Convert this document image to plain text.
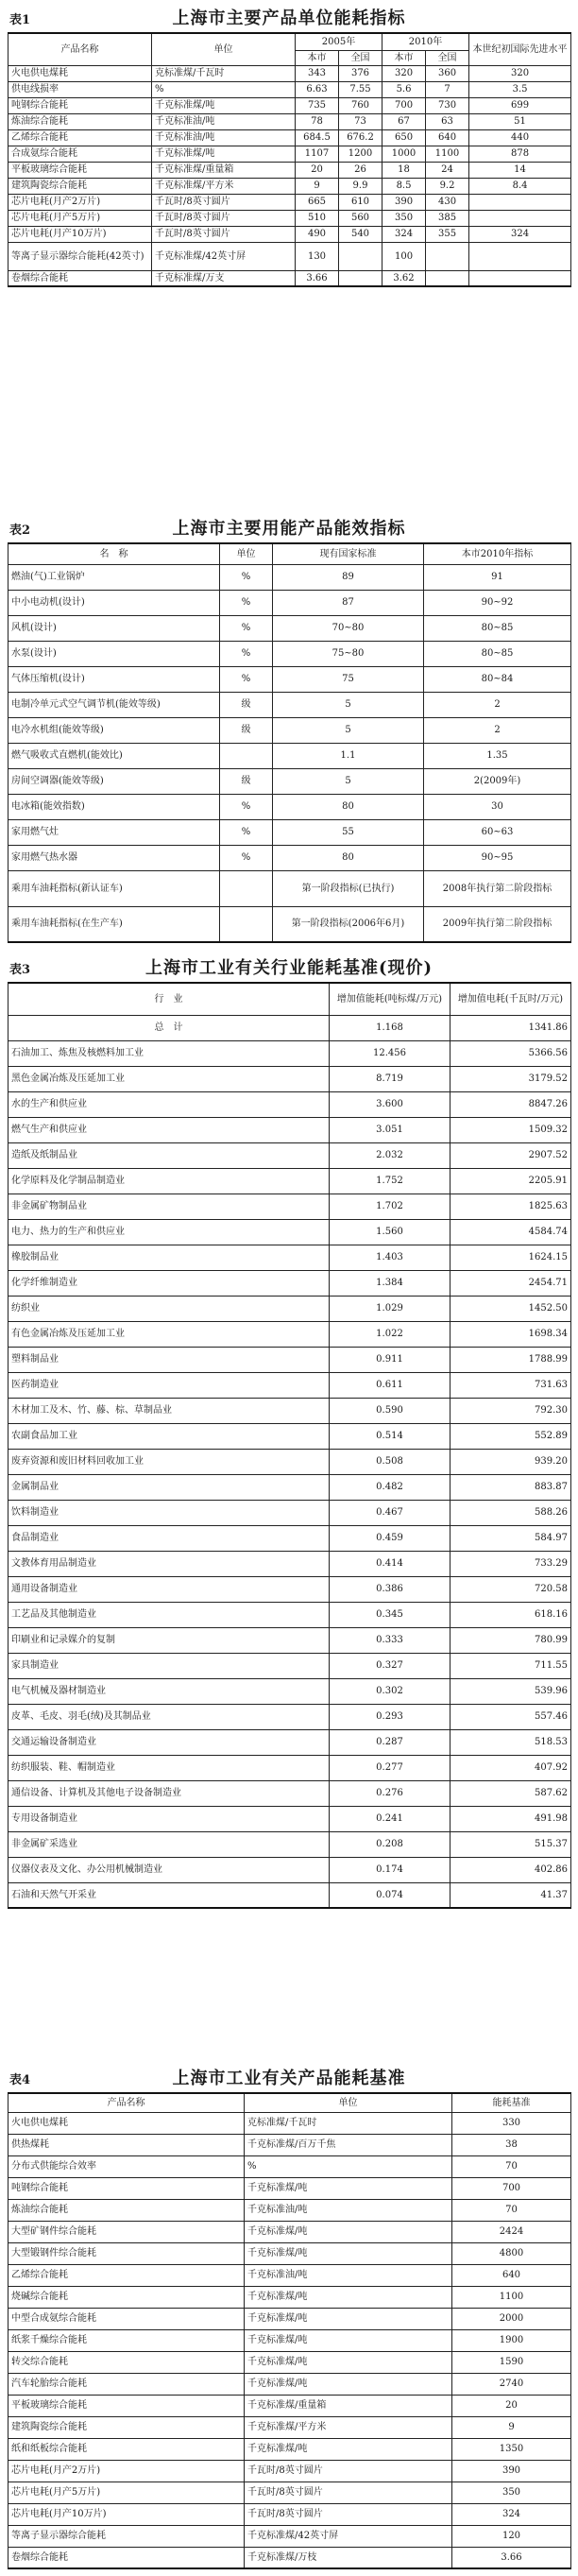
表1	上海市主要产品单位能耗指标
产品名称	单位	2005年		2010年		本世纪初国际先进水平
		本市	全国	本市	全国	
火电供电煤耗	克标准煤/千瓦时	343	376	320	360	320
供电线损率	%	6.63	7.55	5.6	7	3.5
吨钢综合能耗	千克标准煤/吨	735	760	700	730	699
炼油综合能耗	千克标准油/吨	78	73	67	63	51
乙烯综合能耗	千克标准油/吨	684.5	676.2	650	640	440
合成氨综合能耗	千克标准煤/吨	1107	1200	1000	1100	878
平板玻璃综合能耗	千克标准煤/重量箱	20	26	18	24	14
建筑陶瓷综合能耗	千克标准煤/平方米	9	9.9	8.5	9.2	8.4
芯片电耗(月产2万片)	千瓦时/8英寸圆片	665	610	390	430	
芯片电耗(月产5万片)	千瓦时/8英寸圆片	510	560	350	385	
芯片电耗(月产10万片)	千瓦时/8英寸圆片	490	540	324	355	324
等离子显示器综合能耗(42英寸)	千克标准煤/42英寸屏	130		100		
卷烟综合能耗	千克标准煤/万支	3.66		3.62		
表2	上海市主要用能产品能效指标
名　称	单位	现有国家标准	本市2010年指标
燃油(气)工业锅炉	%	89	91
中小电动机(设计)	%	87	90~92
风机(设计)	%	70~80	80~85
水泵(设计)	%	75~80	80~85
气体压缩机(设计)	%	75	80~84
电制冷单元式空气调节机(能效等级)	级	5	2
电冷水机组(能效等级)	级	5	2
燃气吸收式直燃机(能效比)		1.1	1.35
房间空调器(能效等级)	级	5	2(2009年)
电冰箱(能效指数)	%	80	30
家用燃气灶	%	55	60~63
家用燃气热水器	%	80	90~95
乘用车油耗指标(新认证车)		第一阶段指标(已执行)	2008年执行第二阶段指标
乘用车油耗指标(在生产车)		第一阶段指标(2006年6月)	2009年执行第二阶段指标
表3	上海市工业有关行业能耗基准(现价)
行　业	增加值能耗(吨标煤/万元)	增加值电耗(千瓦时/万元)
总　计	1.168	1341.86
石油加工、炼焦及核燃料加工业	12.456	5366.56
黑色金属冶炼及压延加工业	8.719	3179.52
水的生产和供应业	3.600	8847.26
燃气生产和供应业	3.051	1509.32
造纸及纸制品业	2.032	2907.52
化学原料及化学制品制造业	1.752	2205.91
非金属矿物制品业	1.702	1825.63
电力、热力的生产和供应业	1.560	4584.74
橡胶制品业	1.403	1624.15
化学纤维制造业	1.384	2454.71
纺织业	1.029	1452.50
有色金属冶炼及压延加工业	1.022	1698.34
塑料制品业	0.911	1788.99
医药制造业	0.611	731.63
木材加工及木、竹、藤、棕、草制品业	0.590	792.30
农副食品加工业	0.514	552.89
废弃资源和废旧材料回收加工业	0.508	939.20
金属制品业	0.482	883.87
饮料制造业	0.467	588.26
食品制造业	0.459	584.97
文教体育用品制造业	0.414	733.29
通用设备制造业	0.386	720.58
工艺品及其他制造业	0.345	618.16
印刷业和记录媒介的复制	0.333	780.99
家具制造业	0.327	711.55
电气机械及器材制造业	0.302	539.96
皮革、毛皮、羽毛(绒)及其制品业	0.293	557.46
交通运输设备制造业	0.287	518.53
纺织服装、鞋、帽制造业	0.277	407.92
通信设备、计算机及其他电子设备制造业	0.276	587.62
专用设备制造业	0.241	491.98
非金属矿采选业	0.208	515.37
仪器仪表及文化、办公用机械制造业	0.174	402.86
石油和天然气开采业	0.074	41.37
表4	上海市工业有关产品能耗基准
产品名称	单位	能耗基准
火电供电煤耗	克标准煤/千瓦时	330
供热煤耗	千克标准煤/百万千焦	38
分布式供能综合效率	%	70
吨钢综合能耗	千克标准煤/吨	700
炼油综合能耗	千克标准油/吨	70
大型矿钢件综合能耗	千克标准煤/吨	2424
大型锻钢件综合能耗	千克标准煤/吨	4800
乙烯综合能耗	千克标准油/吨	640
烧碱综合能耗	千克标准煤/吨	1100
中型合成氨综合能耗	千克标准煤/吨	2000
纸浆千燥综合能耗	千克标准煤/吨	1900
转交综合能耗	千克标准煤/吨	1590
汽车轮胎综合能耗	千克标准煤/吨	2740
平板玻璃综合能耗	千克标准煤/重量箱	20
建筑陶瓷综合能耗	千克标准煤/平方米	9
纸和纸板综合能耗	千克标准煤/吨	1350
芯片电耗(月产2万片)	千瓦时/8英寸圆片	390
芯片电耗(月产5万片)	千瓦时/8英寸圆片	350
芯片电耗(月产10万片)	千瓦时/8英寸圆片	324
等离子显示器综合能耗	千克标准煤/42英寸屏	120
卷烟综合能耗	千克标准煤/万枝	3.66
